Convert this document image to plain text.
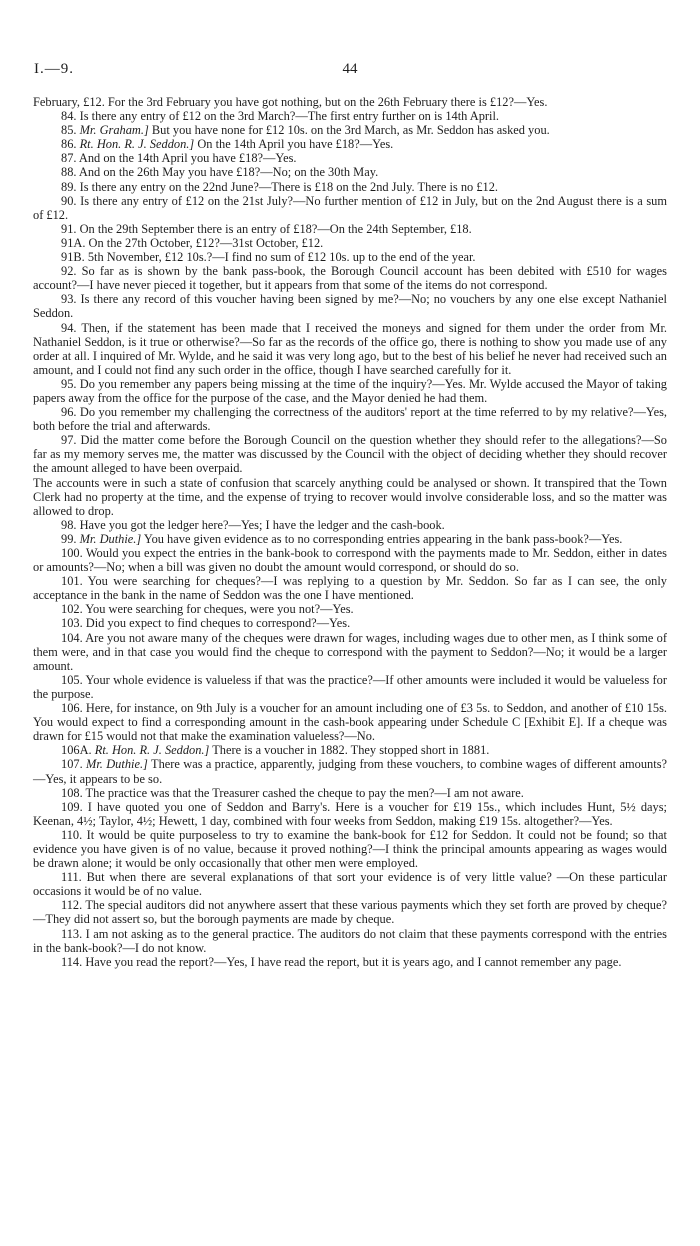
I.—9.	44

February, £12. For the 3rd February you have got nothing, but on the 26th February there is £12?—Yes.

84. Is there any entry of £12 on the 3rd March?—The first entry further on is 14th April.

85. Mr. Graham.] But you have none for £12 10s. on the 3rd March, as Mr. Seddon has asked you.

86. Rt. Hon. R. J. Seddon.] On the 14th April you have £18?—Yes.

87. And on the 14th April you have £18?—Yes.

88. And on the 26th May you have £18?—No; on the 30th May.

89. Is there any entry on the 22nd June?—There is £18 on the 2nd July. There is no £12.

90. Is there any entry of £12 on the 21st July?—No further mention of £12 in July, but on the 2nd August there is a sum of £12.

91. On the 29th September there is an entry of £18?—On the 24th September, £18.

91A. On the 27th October, £12?—31st October, £12.

91B. 5th November, £12 10s.?—I find no sum of £12 10s. up to the end of the year.

92. So far as is shown by the bank pass-book, the Borough Council account has been debited with £510 for wages account?—I have never pieced it together, but it appears from that some of the items do not correspond.

93. Is there any record of this voucher having been signed by me?—No; no vouchers by any one else except Nathaniel Seddon.

94. Then, if the statement has been made that I received the moneys and signed for them under the order from Mr. Nathaniel Seddon, is it true or otherwise?—So far as the records of the office go, there is nothing to show you made use of any order at all. I inquired of Mr. Wylde, and he said it was very long ago, but to the best of his belief he never had received such an amount, and I could not find any such order in the office, though I have searched carefully for it.

95. Do you remember any papers being missing at the time of the inquiry?—Yes. Mr. Wylde accused the Mayor of taking papers away from the office for the purpose of the case, and the Mayor denied he had them.

96. Do you remember my challenging the correctness of the auditors' report at the time referred to by my relative?—Yes, both before the trial and afterwards.

97. Did the matter come before the Borough Council on the question whether they should refer to the allegations?—So far as my memory serves me, the matter was discussed by the Council with the object of deciding whether they should recover the amount alleged to have been overpaid.

The accounts were in such a state of confusion that scarcely anything could be analysed or shown. It transpired that the Town Clerk had no property at the time, and the expense of trying to recover would involve considerable loss, and so the matter was allowed to drop.

98. Have you got the ledger here?—Yes; I have the ledger and the cash-book.

99. Mr. Duthie.] You have given evidence as to no corresponding entries appearing in the bank pass-book?—Yes.

100. Would you expect the entries in the bank-book to correspond with the payments made to Mr. Seddon, either in dates or amounts?—No; when a bill was given no doubt the amount would correspond, or should do so.

101. You were searching for cheques?—I was replying to a question by Mr. Seddon. So far as I can see, the only acceptance in the bank in the name of Seddon was the one I have mentioned.

102. You were searching for cheques, were you not?—Yes.

103. Did you expect to find cheques to correspond?—Yes.

104. Are you not aware many of the cheques were drawn for wages, including wages due to other men, as I think some of them were, and in that case you would find the cheque to correspond with the payment to Seddon?—No; it would be a larger amount.

105. Your whole evidence is valueless if that was the practice?—If other amounts were included it would be valueless for the purpose.

106. Here, for instance, on 9th July is a voucher for an amount including one of £3 5s. to Seddon, and another of £10 15s. You would expect to find a corresponding amount in the cash-book appearing under Schedule C [Exhibit E]. If a cheque was drawn for £15 would not that make the examination valueless?—No.

106A. Rt. Hon. R. J. Seddon.] There is a voucher in 1882. They stopped short in 1881.

107. Mr. Duthie.] There was a practice, apparently, judging from these vouchers, to combine wages of different amounts?—Yes, it appears to be so.

108. The practice was that the Treasurer cashed the cheque to pay the men?—I am not aware.

109. I have quoted you one of Seddon and Barry's. Here is a voucher for £19 15s., which includes Hunt, 5½ days; Keenan, 4½; Taylor, 4½; Hewett, 1 day, combined with four weeks from Seddon, making £19 15s. altogether?—Yes.

110. It would be quite purposeless to try to examine the bank-book for £12 for Seddon. It could not be found; so that evidence you have given is of no value, because it proved nothing?—I think the principal amounts appearing as wages would be drawn alone; it would be only occasionally that other men were employed.

111. But when there are several explanations of that sort your evidence is of very little value? —On these particular occasions it would be of no value.

112. The special auditors did not anywhere assert that these various payments which they set forth are proved by cheque?—They did not assert so, but the borough payments are made by cheque.

113. I am not asking as to the general practice. The auditors do not claim that these payments correspond with the entries in the bank-book?—I do not know.

114. Have you read the report?—Yes, I have read the report, but it is years ago, and I cannot remember any page.
